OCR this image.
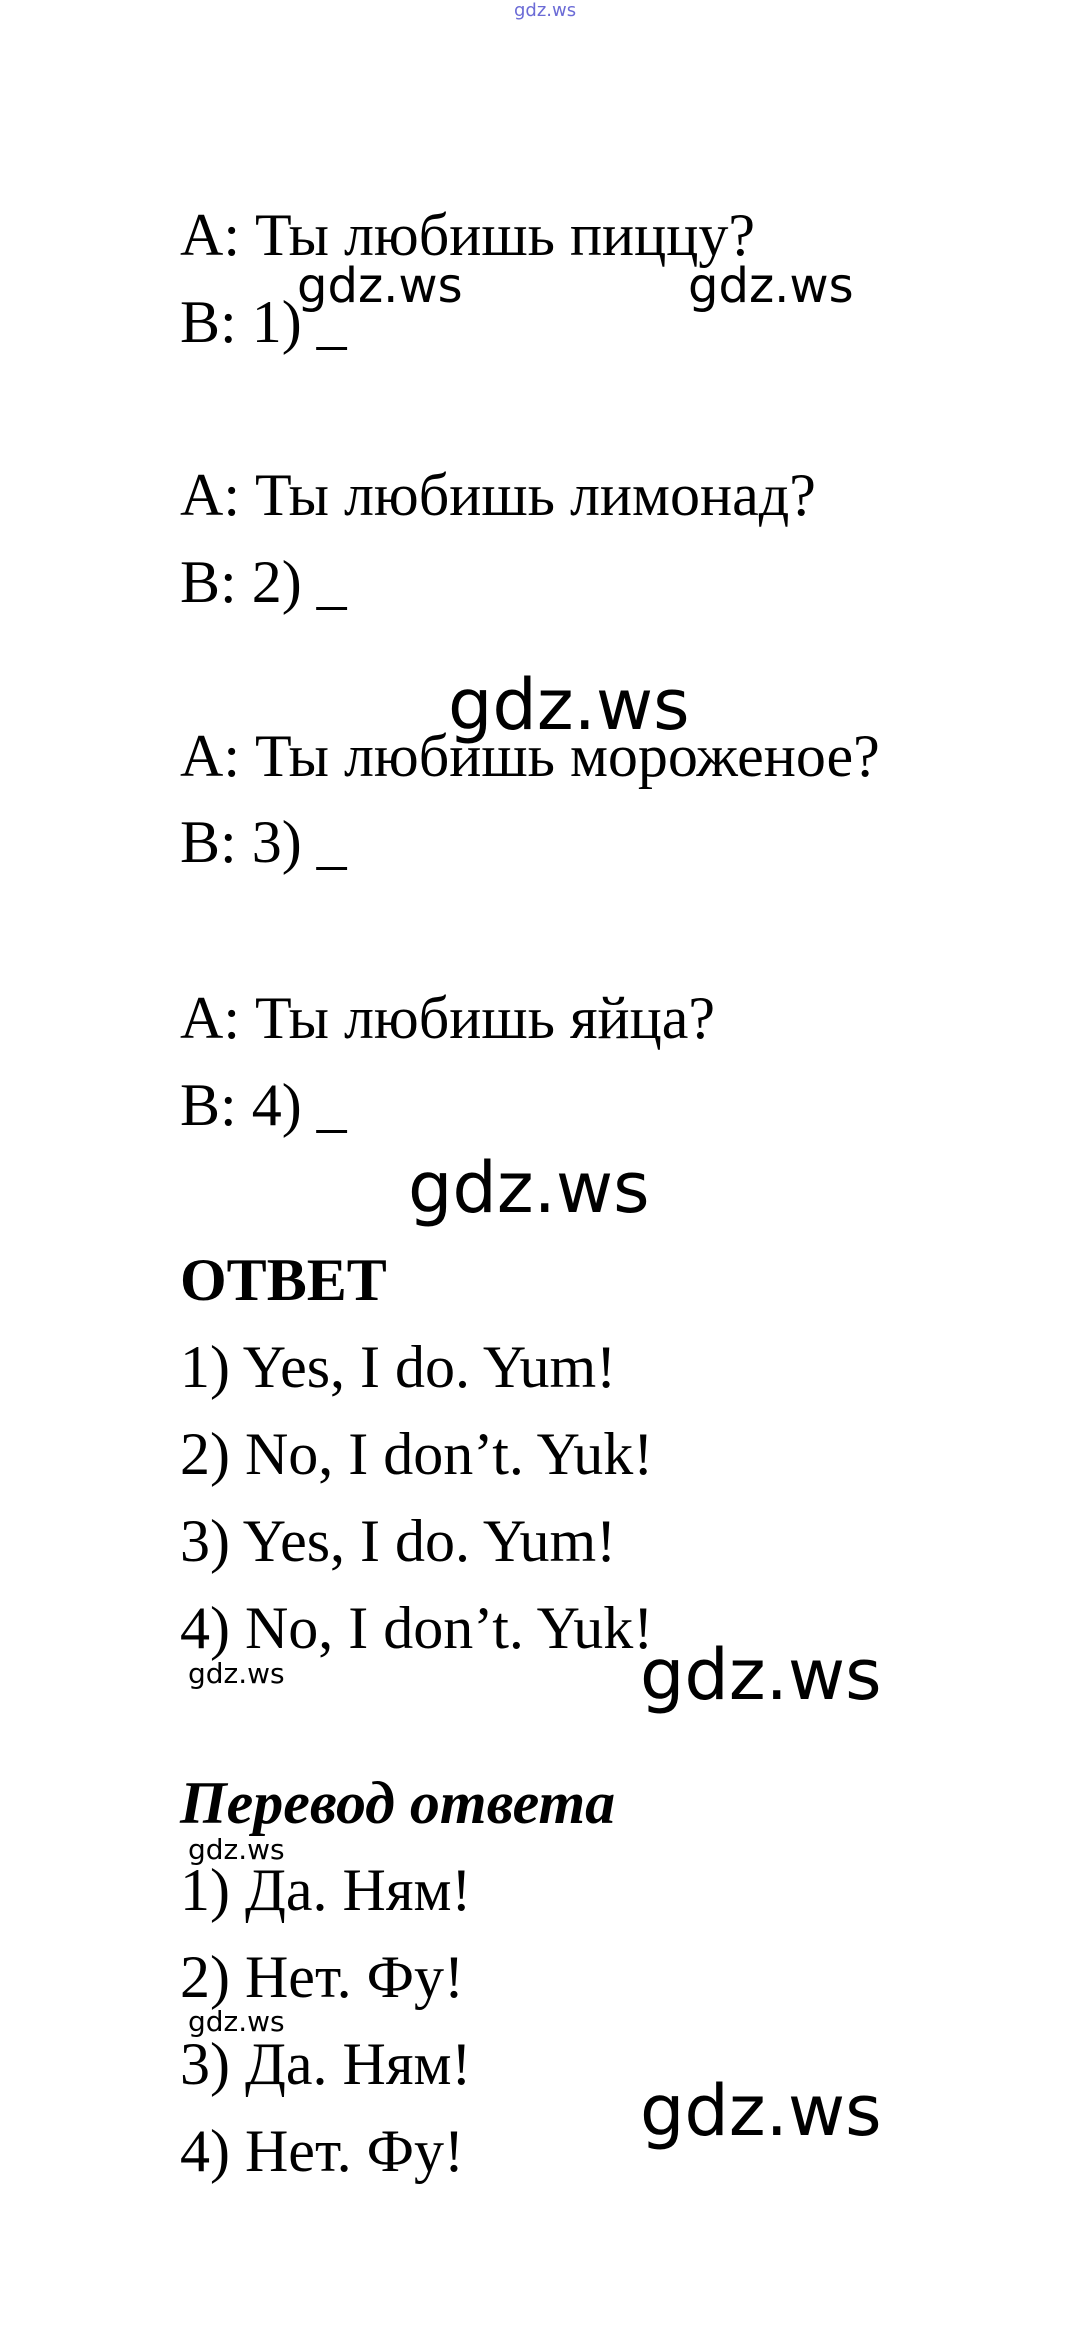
gdz.ws
A: Ты любишь пиццу?
B: 1) _
gdz.ws	gdz.ws
A: Ты любишь лимонад?
B: 2) _
gdz.ws
A: Ты любишь мороженое?
B: 3) _
A: Ты любишь яйца?
B: 4) _
gdz.ws
ОТВЕТ
1) Yes, I do. Yum!
2) No, I don’t. Yuk!
3) Yes, I do. Yum!
4) No, I don’t. Yuk!
gdz.ws	gdz.ws
Перевод ответа
gdz.ws
1) Да. Ням!
2) Нет. Фу!
gdz.ws
3) Да. Ням!
gdz.ws
4) Нет. Фу!
